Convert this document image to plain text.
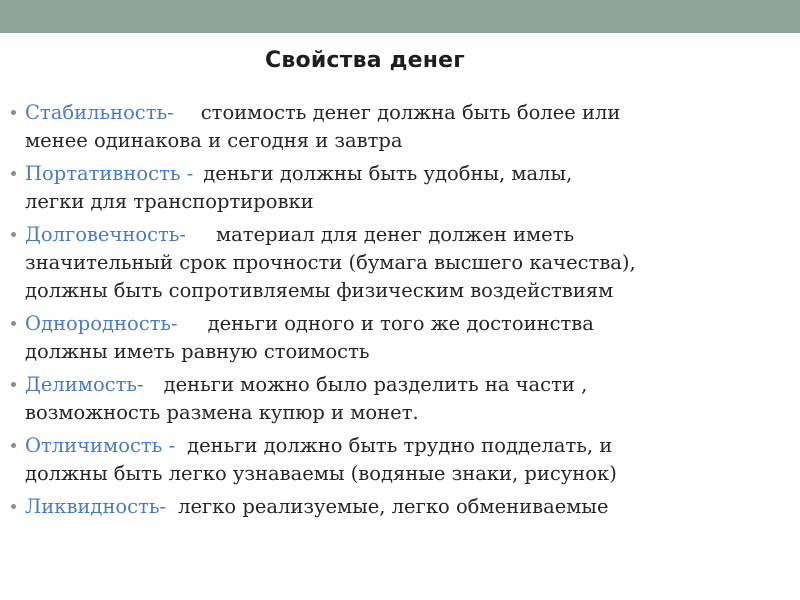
Свойства денег
Стабильность- стоимость денег должна быть более или
менее одинакова и сегодня и завтра
Портативность - деньги должны быть удобны, малы,
легки для транспортировки
Долговечность- материал для денег должен иметь
значительный срок прочности (бумага высшего качества),
должны быть сопротивляемы физическим воздействиям
Однородность- деньги одного и того же достоинства
должны иметь равную стоимость
Делимость- деньги можно было разделить на части ,
возможность размена купюр и монет.
Отличимость - деньги должно быть трудно подделать, и
должны быть легко узнаваемы (водяные знаки, рисунок)
Ликвидность- легко реализуемые, легко обмениваемые
